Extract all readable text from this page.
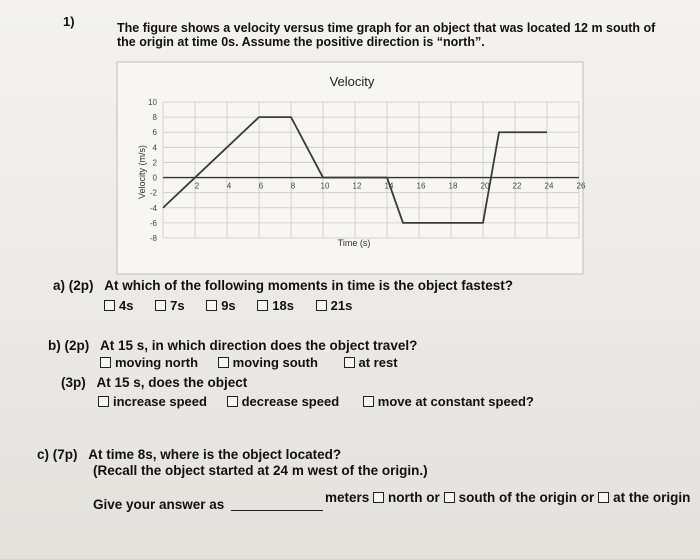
1)	The figure shows a velocity versus time graph for an object that was located 12 m south of
the origin at time 0s. Assume the positive direction is “north”.
Velocity
2	4	6	8	10	12	14	16	18	20	22	24	26
10
8
6
4
2
0
-2
-4
-6
-8	Time (s)
Velocity (m/s)
a) (2p) At which of the following moments in time is the object fastest?
4s	7s	9s	18s	21s
b) (2p) At 15 s, in which direction does the object travel?
moving north	moving south	at rest
(3p) At 15 s, does the object
increase speed	decrease speed	move at constant speed?
c) (7p) At time 8s, where is the object located?
(Recall the object started at 24 m west of the origin.)
Give your answer as	meters north or south of the origin or at the origin
